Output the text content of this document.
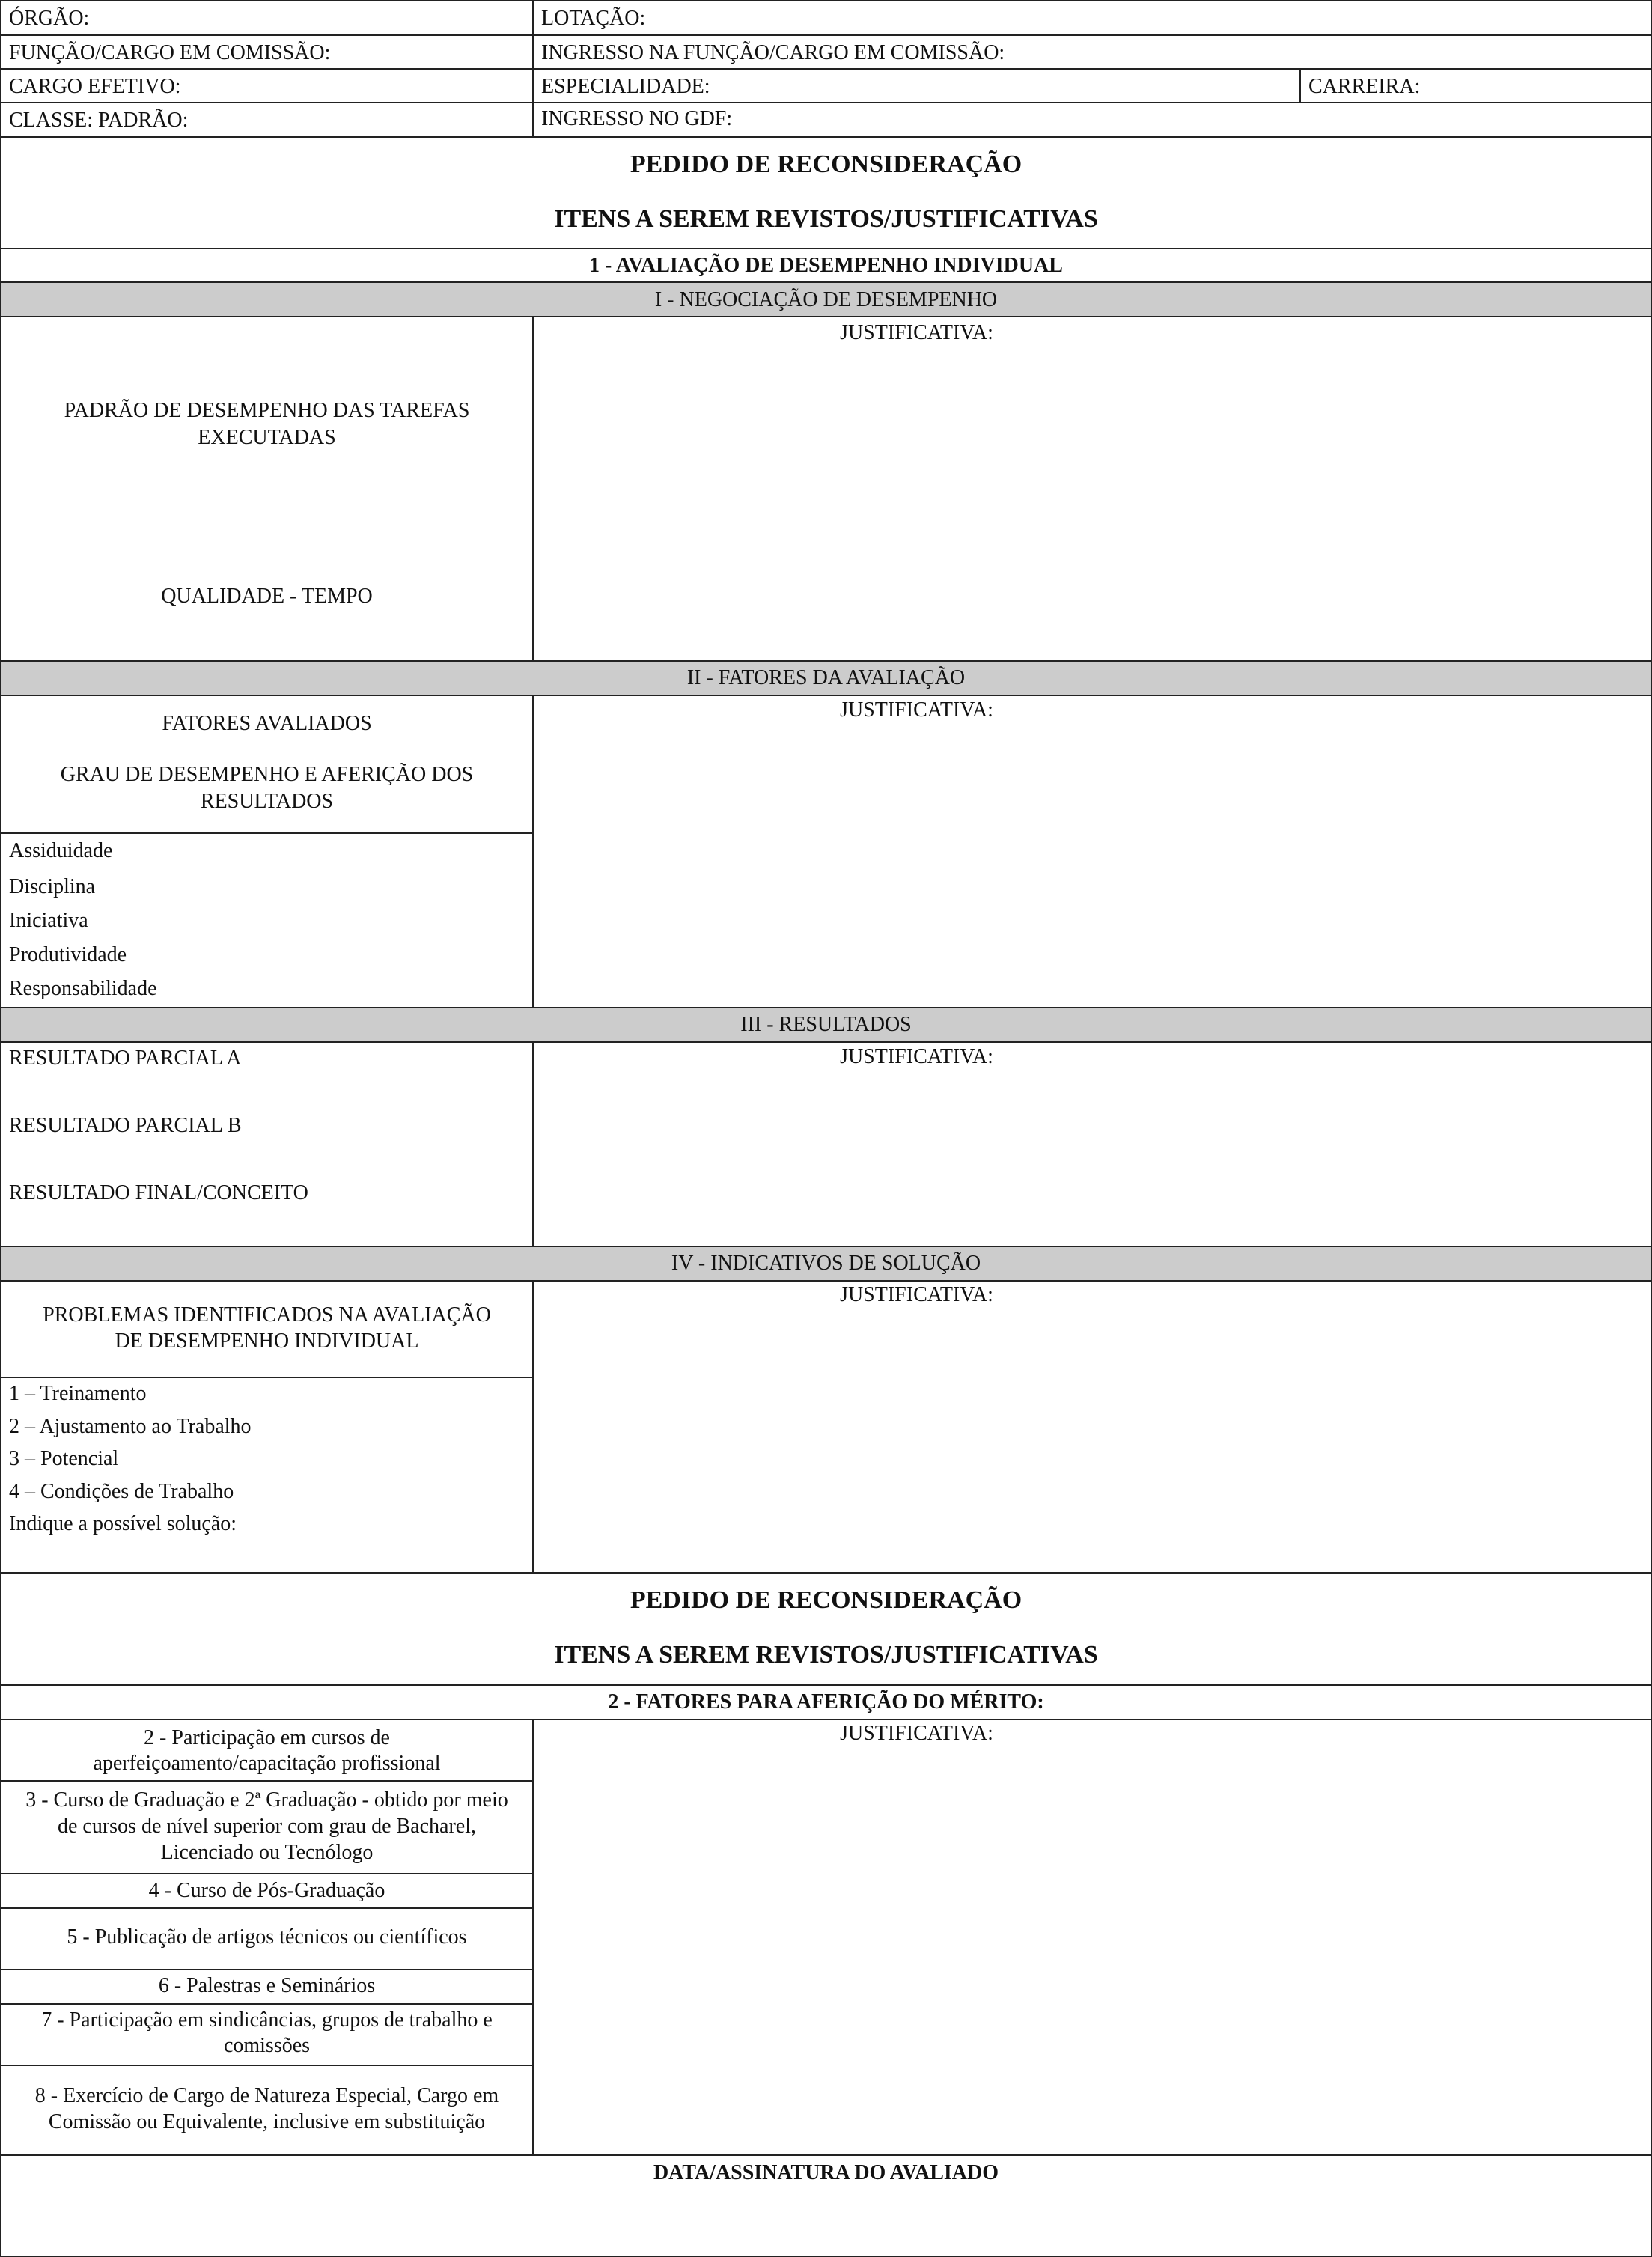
ÓRGÃO:	LOTAÇÃO:
FUNÇÃO/CARGO EM COMISSÃO:	INGRESSO NA FUNÇÃO/CARGO EM COMISSÃO:
CARGO EFETIVO:	ESPECIALIDADE:	CARREIRA:
CLASSE: PADRÃO:	INGRESSO NO GDF:
PEDIDO DE RECONSIDERAÇÃO
ITENS A SEREM REVISTOS/JUSTIFICATIVAS
1 - AVALIAÇÃO DE DESEMPENHO INDIVIDUAL
I - NEGOCIAÇÃO DE DESEMPENHO
PADRÃO DE DESEMPENHO DAS TAREFAS
EXECUTADAS
QUALIDADE - TEMPO
JUSTIFICATIVA:
II - FATORES DA AVALIAÇÃO
FATORES AVALIADOS
GRAU DE DESEMPENHO E AFERIÇÃO DOS
RESULTADOS
Assiduidade
Disciplina
Iniciativa
Produtividade
Responsabilidade
JUSTIFICATIVA:
III - RESULTADOS
RESULTADO PARCIAL A
RESULTADO PARCIAL B
RESULTADO FINAL/CONCEITO
JUSTIFICATIVA:
IV - INDICATIVOS DE SOLUÇÃO
PROBLEMAS IDENTIFICADOS NA AVALIAÇÃO
DE DESEMPENHO INDIVIDUAL
1 – Treinamento
2 – Ajustamento ao Trabalho
3 – Potencial
4 – Condições de Trabalho
Indique a possível solução:
JUSTIFICATIVA:
PEDIDO DE RECONSIDERAÇÃO
ITENS A SEREM REVISTOS/JUSTIFICATIVAS
2 - FATORES PARA AFERIÇÃO DO MÉRITO:
2 - Participação em cursos de
aperfeiçoamento/capacitação profissional
3 - Curso de Graduação e 2ª Graduação - obtido por meio
de cursos de nível superior com grau de Bacharel,
Licenciado ou Tecnólogo
4 - Curso de Pós-Graduação
5 - Publicação de artigos técnicos ou científicos
6 - Palestras e Seminários
7 - Participação em sindicâncias, grupos de trabalho e
comissões
8 - Exercício de Cargo de Natureza Especial, Cargo em
Comissão ou Equivalente, inclusive em substituição
JUSTIFICATIVA:
DATA/ASSINATURA DO AVALIADO
